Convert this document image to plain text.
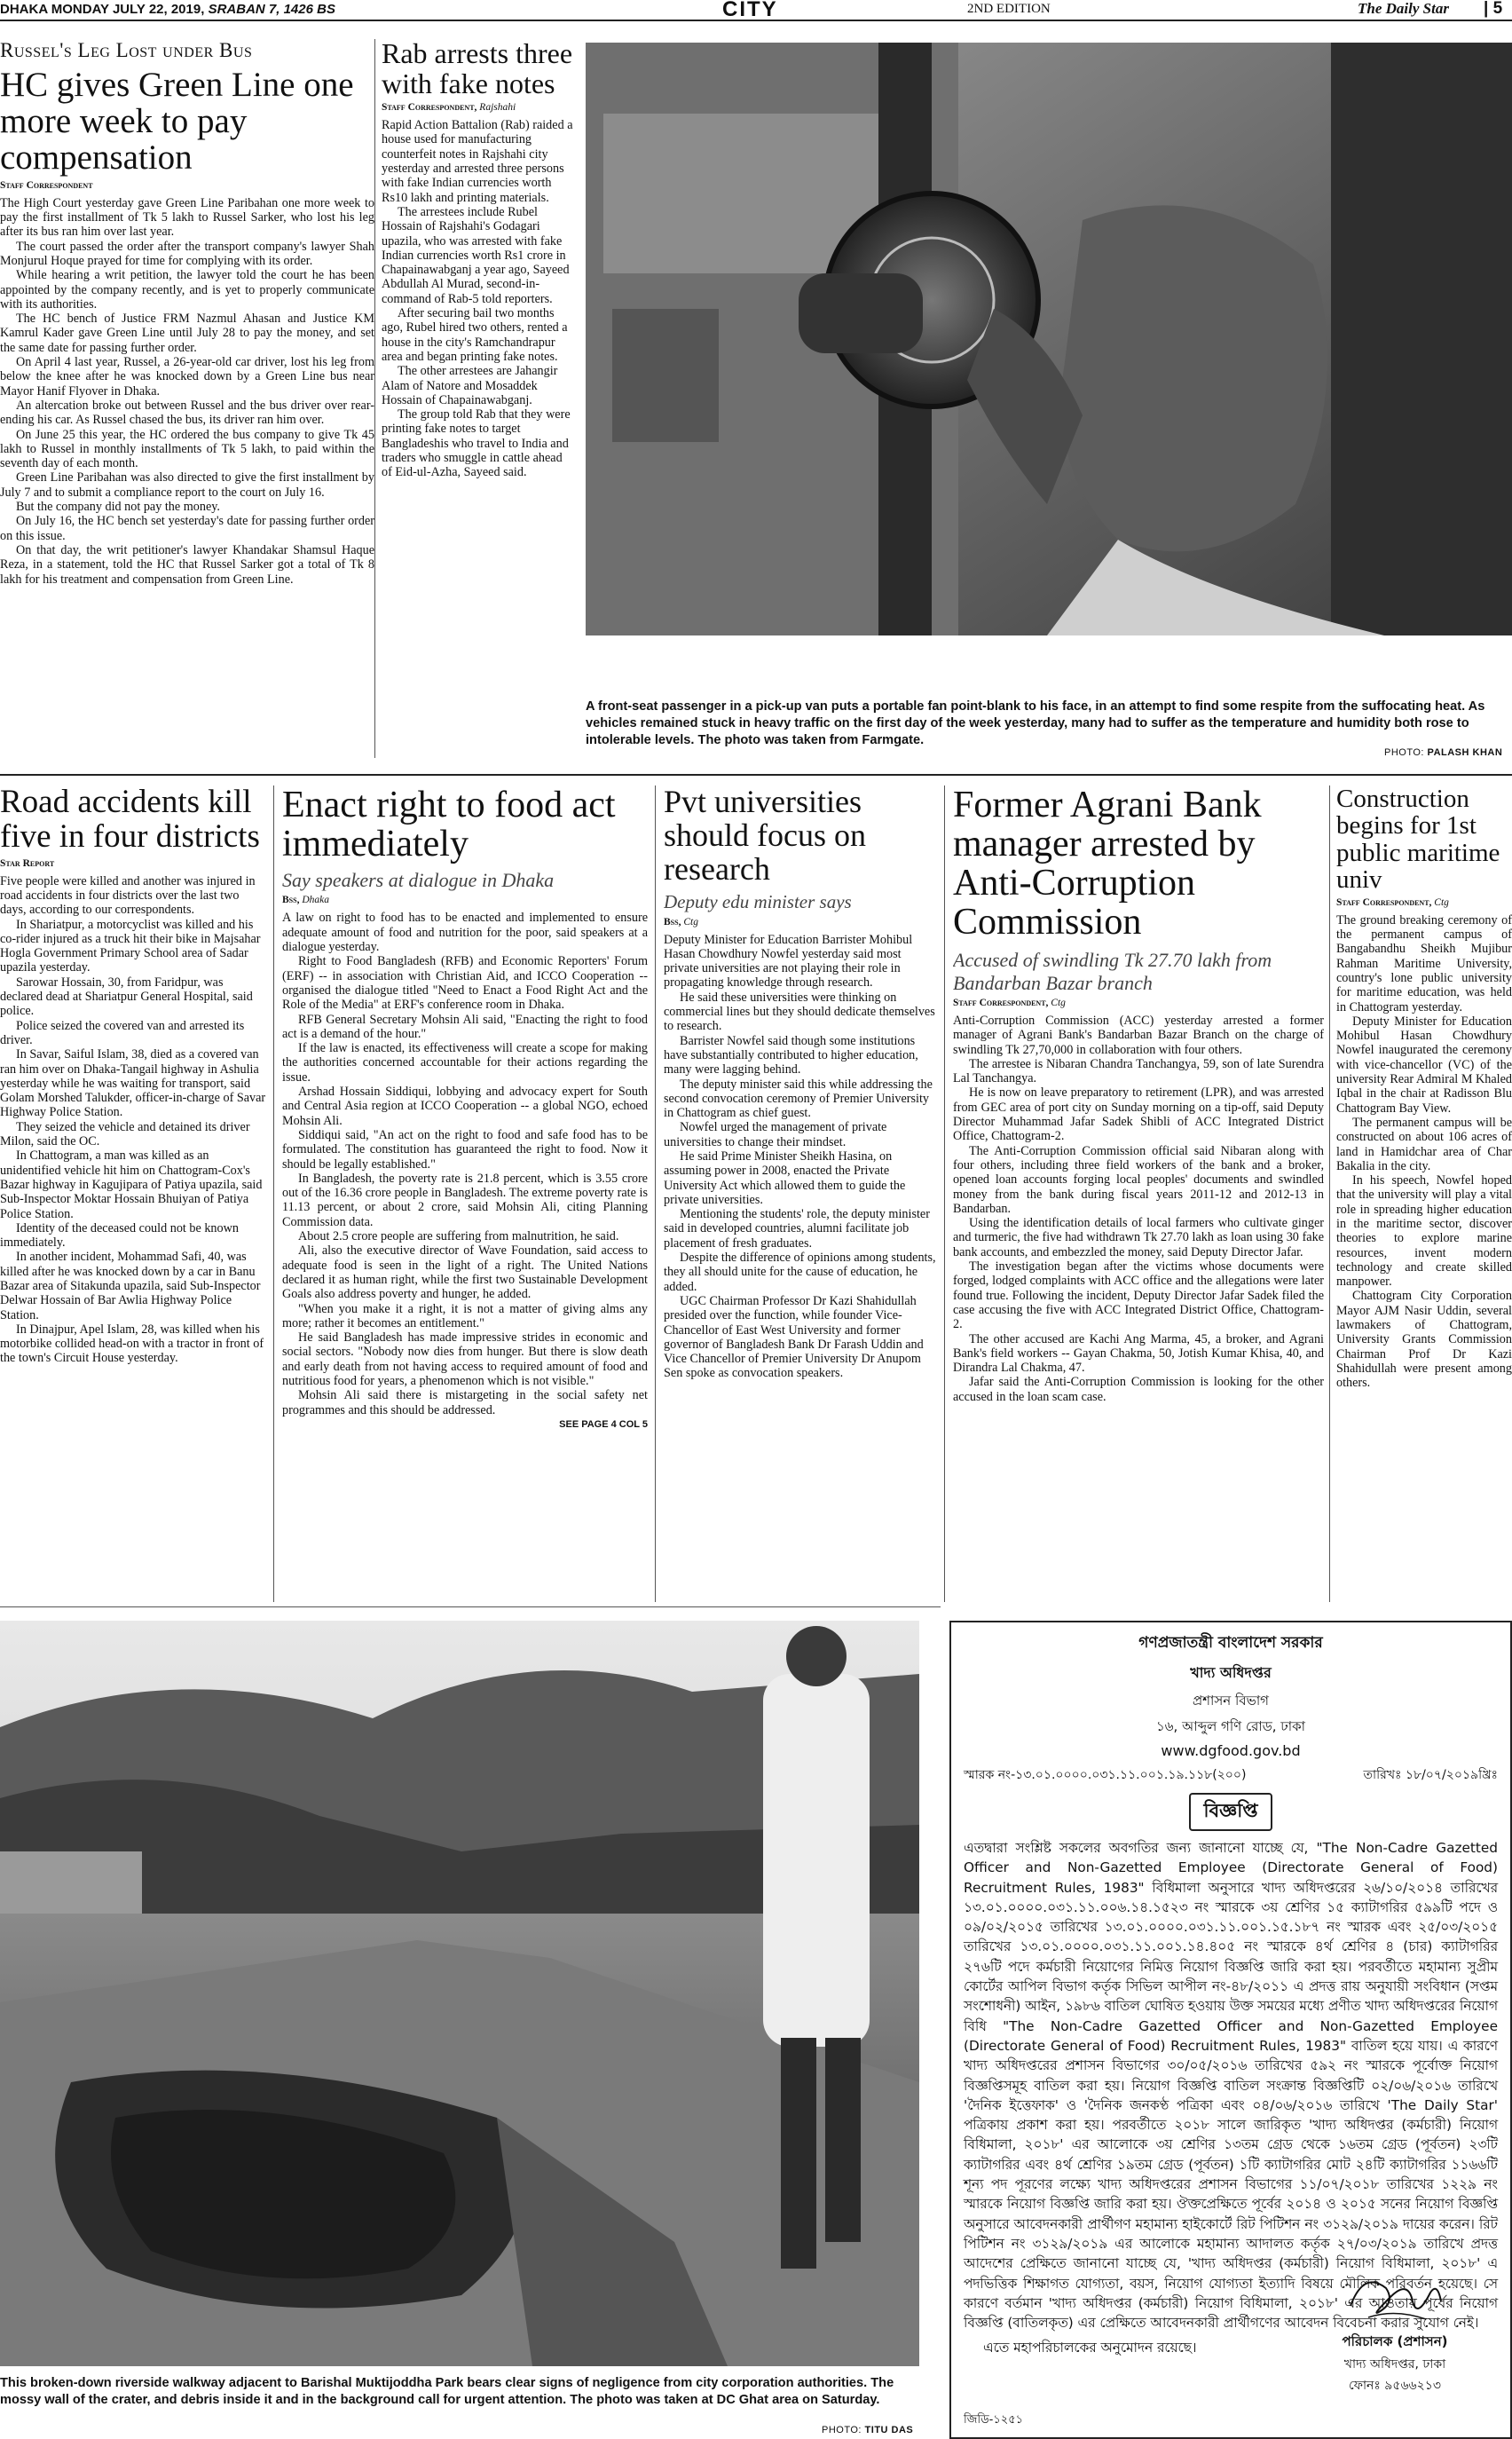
DHAKA MONDAY JULY 22, 2019, SRABAN 7, 1426 BS	CITY	2ND EDITION	The Daily Star | 5
Russel's Leg Lost under Bus
HC gives Green Line one more week to pay compensation
Staff Correspondent

The High Court yesterday gave Green Line Paribahan one more week to pay the first installment of Tk 5 lakh to Russel Sarker, who lost his leg after its bus ran him over last year.

The court passed the order after the transport company's lawyer Shah Monjurul Hoque prayed for time for complying with its order.

While hearing a writ petition, the lawyer told the court he has been appointed by the company recently, and is yet to properly communicate with its authorities.

The HC bench of Justice FRM Nazmul Ahasan and Justice KM Kamrul Kader gave Green Line until July 28 to pay the money, and set the same date for passing further order.

On April 4 last year, Russel, a 26-year-old car driver, lost his leg from below the knee after he was knocked down by a Green Line bus near Mayor Hanif Flyover in Dhaka.

An altercation broke out between Russel and the bus driver over rear-ending his car. As Russel chased the bus, its driver ran him over.

On June 25 this year, the HC ordered the bus company to give Tk 45 lakh to Russel in monthly installments of Tk 5 lakh, to paid within the seventh day of each month.

Green Line Paribahan was also directed to give the first installment by July 7 and to submit a compliance report to the court on July 16.

But the company did not pay the money.

On July 16, the HC bench set yesterday's date for passing further order on this issue.

On that day, the writ petitioner's lawyer Khandakar Shamsul Haque Reza, in a statement, told the HC that Russel Sarker got a total of Tk 8 lakh for his treatment and compensation from Green Line.

Rab arrests three with fake notes
Staff Correspondent, Rajshahi

Rapid Action Battalion (Rab) raided a house used for manufacturing counterfeit notes in Rajshahi city yesterday and arrested three persons with fake Indian currencies worth Rs10 lakh and printing materials.

The arrestees include Rubel Hossain of Rajshahi's Godagari upazila, who was arrested with fake Indian currencies worth Rs1 crore in Chapainawabganj a year ago, Sayeed Abdullah Al Murad, second-in-command of Rab-5 told reporters.

After securing bail two months ago, Rubel hired two others, rented a house in the city's Ramchandrapur area and began printing fake notes.

The other arrestees are Jahangir Alam of Natore and Mosaddek Hossain of Chapainawabganj.

The group told Rab that they were printing fake notes to target Bangladeshis who travel to India and traders who smuggle in cattle ahead of Eid-ul-Azha, Sayeed said.

A front-seat passenger in a pick-up van puts a portable fan point-blank to his face, in an attempt to find some respite from the suffocating heat. As vehicles remained stuck in heavy traffic on the first day of the week yesterday, many had to suffer as the temperature and humidity both rose to intolerable levels. The photo was taken from Farmgate.
PHOTO: PALASH KHAN
Road accidents kill five in four districts
Star Report

Five people were killed and another was injured in road accidents in four districts over the last two days, according to our correspondents.

In Shariatpur, a motorcyclist was killed and his co-rider injured as a truck hit their bike in Majsahar Hogla Government Primary School area of Sadar upazila yesterday.

Sarowar Hossain, 30, from Faridpur, was declared dead at Shariatpur General Hospital, said police.

Police seized the covered van and arrested its driver.

In Savar, Saiful Islam, 38, died as a covered van ran him over on Dhaka-Tangail highway in Ashulia yesterday while he was waiting for transport, said Golam Morshed Talukder, officer-in-charge of Savar Highway Police Station.

They seized the vehicle and detained its driver Milon, said the OC.

In Chattogram, a man was killed as an unidentified vehicle hit him on Chattogram-Cox's Bazar highway in Kagujipara of Patiya upazila, said Sub-Inspector Moktar Hossain Bhuiyan of Patiya Police Station.

Identity of the deceased could not be known immediately.

In another incident, Mohammad Safi, 40, was killed after he was knocked down by a car in Banu Bazar area of Sitakunda upazila, said Sub-Inspector Delwar Hossain of Bar Awlia Highway Police Station.

In Dinajpur, Apel Islam, 28, was killed when his motorbike collided head-on with a tractor in front of the town's Circuit House yesterday.

Enact right to food act immediately
Say speakers at dialogue in Dhaka
Bss, Dhaka

A law on right to food has to be enacted and implemented to ensure adequate amount of food and nutrition for the poor, said speakers at a dialogue yesterday.

Right to Food Bangladesh (RFB) and Economic Reporters' Forum (ERF) -- in association with Christian Aid, and ICCO Cooperation -- organised the dialogue titled "Need to Enact a Food Right Act and the Role of the Media" at ERF's conference room in Dhaka.

RFB General Secretary Mohsin Ali said, "Enacting the right to food act is a demand of the hour."

If the law is enacted, its effectiveness will create a scope for making the authorities concerned accountable for their actions regarding the issue.

Arshad Hossain Siddiqui, lobbying and advocacy expert for South and Central Asia region at ICCO Cooperation -- a global NGO, echoed Mohsin Ali.

Siddiqui said, "An act on the right to food and safe food has to be formulated. The constitution has guaranteed the right to food. Now it should be legally established."

In Bangladesh, the poverty rate is 21.8 percent, which is 3.55 crore out of the 16.36 crore people in Bangladesh. The extreme poverty rate is 11.13 percent, or about 2 crore, said Mohsin Ali, citing Planning Commission data.

About 2.5 crore people are suffering from malnutrition, he said.

Ali, also the executive director of Wave Foundation, said access to adequate food is seen in the light of a right. The United Nations declared it as human right, while the first two Sustainable Development Goals also address poverty and hunger, he added.

"When you make it a right, it is not a matter of giving alms any more; rather it becomes an entitlement."

He said Bangladesh has made impressive strides in economic and social sectors. "Nobody now dies from hunger. But there is slow death and early death from not having access to required amount of food and nutritious food for years, a phenomenon which is not visible."

Mohsin Ali said there is mistargeting in the social safety net programmes and this should be addressed.

SEE PAGE 4 COL 5
Pvt universities should focus on research
Deputy edu minister says
Bss, Ctg

Deputy Minister for Education Barrister Mohibul Hasan Chowdhury Nowfel yesterday said most private universities are not playing their role in propagating knowledge through research.

He said these universities were thinking on commercial lines but they should dedicate themselves to research.

Barrister Nowfel said though some institutions have substantially contributed to higher education, many were lagging behind.

The deputy minister said this while addressing the second convocation ceremony of Premier University in Chattogram as chief guest.

Nowfel urged the management of private universities to change their mindset.

He said Prime Minister Sheikh Hasina, on assuming power in 2008, enacted the Private University Act which allowed them to guide the private universities.

Mentioning the students' role, the deputy minister said in developed countries, alumni facilitate job placement of fresh graduates.

Despite the difference of opinions among students, they all should unite for the cause of education, he added.

UGC Chairman Professor Dr Kazi Shahidullah presided over the function, while founder Vice-Chancellor of East West University and former governor of Bangladesh Bank Dr Farash Uddin and Vice Chancellor of Premier University Dr Anupom Sen spoke as convocation speakers.

Former Agrani Bank manager arrested by Anti-Corruption Commission
Accused of swindling Tk 27.70 lakh from Bandarban Bazar branch
Staff Correspondent, Ctg

Anti-Corruption Commission (ACC) yesterday arrested a former manager of Agrani Bank's Bandarban Bazar Branch on the charge of swindling Tk 27,70,000 in collaboration with four others.

The arrestee is Nibaran Chandra Tanchangya, 59, son of late Surendra Lal Tanchangya.

He is now on leave preparatory to retirement (LPR), and was arrested from GEC area of port city on Sunday morning on a tip-off, said Deputy Director Muhammad Jafar Sadek Shibli of ACC Integrated District Office, Chattogram-2.

The Anti-Corruption Commission official said Nibaran along with four others, including three field workers of the bank and a broker, opened loan accounts forging local peoples' documents and swindled money from the bank during fiscal years 2011-12 and 2012-13 in Bandarban.

Using the identification details of local farmers who cultivate ginger and turmeric, the five had withdrawn Tk 27.70 lakh as loan using 30 fake bank accounts, and embezzled the money, said Deputy Director Jafar.

The investigation began after the victims whose documents were forged, lodged complaints with ACC office and the allegations were later found true. Following the incident, Deputy Director Jafar Sadek filed the case accusing the five with ACC Integrated District Office, Chattogram-2.

The other accused are Kachi Ang Marma, 45, a broker, and Agrani Bank's field workers -- Gayan Chakma, 50, Jotish Kumar Khisa, 40, and Dirandra Lal Chakma, 47.

Jafar said the Anti-Corruption Commission is looking for the other accused in the loan scam case.

Construction begins for 1st public maritime univ
Staff Correspondent, Ctg

The ground breaking ceremony of the permanent campus of Bangabandhu Sheikh Mujibur Rahman Maritime University, country's lone public university for maritime education, was held in Chattogram yesterday.

Deputy Minister for Education Mohibul Hasan Chowdhury Nowfel inaugurated the ceremony with vice-chancellor (VC) of the university Rear Admiral M Khaled Iqbal in the chair at Radisson Blu Chattogram Bay View.

The permanent campus will be constructed on about 106 acres of land in Hamidchar area of Char Bakalia in the city.

In his speech, Nowfel hoped that the university will play a vital role in spreading higher education in the maritime sector, discover theories to explore marine resources, invent modern technology and create skilled manpower.

Chattogram City Corporation Mayor AJM Nasir Uddin, several lawmakers of Chattogram, University Grants Commission Chairman Prof Dr Kazi Shahidullah were present among others.

This broken-down riverside walkway adjacent to Barishal Muktijoddha Park bears clear signs of negligence from city corporation authorities. The mossy wall of the crater, and debris inside it and in the background call for urgent attention. The photo was taken at DC Ghat area on Saturday.
PHOTO: TITU DAS
গণপ্রজাতন্ত্রী বাংলাদেশ সরকার
খাদ্য অধিদপ্তর
প্রশাসন বিভাগ
১৬, আব্দুল গণি রোড, ঢাকা
www.dgfood.gov.bd
স্মারক নং-১৩.০১.০০০০.০৩১.১১.০০১.১৯.১১৮(২০০)	তারিখঃ ১৮/০৭/২০১৯খ্রিঃ
বিজ্ঞপ্তি
এতদ্বারা সংশ্লিষ্ট সকলের অবগতির জন্য জানানো যাচ্ছে যে, "The Non-Cadre Gazetted Officer and Non-Gazetted Employee (Directorate General of Food) Recruitment Rules, 1983" বিধিমালা অনুসারে খাদ্য অধিদপ্তরের ২৬/১০/২০১৪ তারিখের ১৩.০১.০০০০.০৩১.১১.০০৬.১৪.১৫২৩ নং স্মারকে ৩য় শ্রেণির ১৫ ক্যাটাগরির ৫৯৯টি পদে ও ০৯/০২/২০১৫ তারিখের ১৩.০১.০০০০.০৩১.১১.০০১.১৫.১৮৭ নং স্মারক এবং ২৫/০৩/২০১৫ তারিখের ১৩.০১.০০০০.০৩১.১১.০০১.১৪.৪০৫ নং স্মারকে ৪র্থ শ্রেণির ৪ (চার) ক্যাটাগরির ২৭৬টি পদে কর্মচারী নিয়োগের নিমিত্ত নিয়োগ বিজ্ঞপ্তি জারি করা হয়। পরবর্তীতে মহামান্য সুপ্রীম কোর্টের আপিল বিভাগ কর্তৃক সিভিল আপীল নং-৪৮/২০১১ এ প্রদত্ত রায় অনুযায়ী সংবিধান (সপ্তম সংশোধনী) আইন, ১৯৮৬ বাতিল ঘোষিত হওয়ায় উক্ত সময়ের মধ্যে প্রণীত খাদ্য অধিদপ্তরের নিয়োগ বিধি "The Non-Cadre Gazetted Officer and Non-Gazetted Employee (Directorate General of Food) Recruitment Rules, 1983" বাতিল হয়ে যায়। এ কারণে খাদ্য অধিদপ্তরের প্রশাসন বিভাগের ৩০/০৫/২০১৬ তারিখের ৫৯২ নং স্মারকে পূর্বোক্ত নিয়োগ বিজ্ঞপ্তিসমূহ বাতিল করা হয়। নিয়োগ বিজ্ঞপ্তি বাতিল সংক্রান্ত বিজ্ঞপ্তিটি ০২/০৬/২০১৬ তারিখে 'দৈনিক ইত্তেফাক' ও 'দৈনিক জনকণ্ঠ পত্রিকা এবং ০৪/০৬/২০১৬ তারিখে 'The Daily Star' পত্রিকায় প্রকাশ করা হয়। পরবর্তীতে ২০১৮ সালে জারিকৃত 'খাদ্য অধিদপ্তর (কর্মচারী) নিয়োগ বিধিমালা, ২০১৮' এর আলোকে ৩য় শ্রেণির ১৩তম গ্রেড থেকে ১৬তম গ্রেড (পূর্বতন) ২৩টি ক্যাটাগরির এবং ৪র্থ শ্রেণির ১৯তম গ্রেড (পূর্বতন) ১টি ক্যাটাগরির মোট ২৪টি ক্যাটাগরির ১১৬৬টি শূন্য পদ পূরণের লক্ষ্যে খাদ্য অধিদপ্তরের প্রশাসন বিভাগের ১১/০৭/২০১৮ তারিখের ১২২৯ নং স্মারকে নিয়োগ বিজ্ঞপ্তি জারি করা হয়। ঔক্তপ্রেক্ষিতে পূর্বের ২০১৪ ও ২০১৫ সনের নিয়োগ বিজ্ঞপ্তি অনুসারে আবেদনকারী প্রার্থীগণ মহামান্য হাইকোর্টে রিট পিটিশন নং ৩১২৯/২০১৯ দায়ের করেন। রিট পিটিশন নং ৩১২৯/২০১৯ এর আলোকে মহামান্য আদালত কর্তৃক ২৭/০৩/২০১৯ তারিখে প্রদত্ত আদেশের প্রেক্ষিতে জানানো যাচ্ছে যে, 'খাদ্য অধিদপ্তর (কর্মচারী) নিয়োগ বিধিমালা, ২০১৮' এ পদভিত্তিক শিক্ষাগত যোগ্যতা, বয়স, নিয়োগ যোগ্যতা ইত্যাদি বিষয়ে মৌলিক পরিবর্তন হয়েছে। সে কারণে বর্তমান 'খাদ্য অধিদপ্তর (কর্মচারী) নিয়োগ বিধিমালা, ২০১৮' এর আওতায় পূর্বের নিয়োগ বিজ্ঞপ্তি (বাতিলকৃত) এর প্রেক্ষিতে আবেদনকারী প্রার্থীগণের আবেদন বিবেচনা করার সুযোগ নেই।
এতে মহাপরিচালকের অনুমোদন রয়েছে।	পরিচালক (প্রশাসন)
খাদ্য অধিদপ্তর, ঢাকা
ফোনঃ ৯৫৬৬২১৩
জিডি-১২৫১
